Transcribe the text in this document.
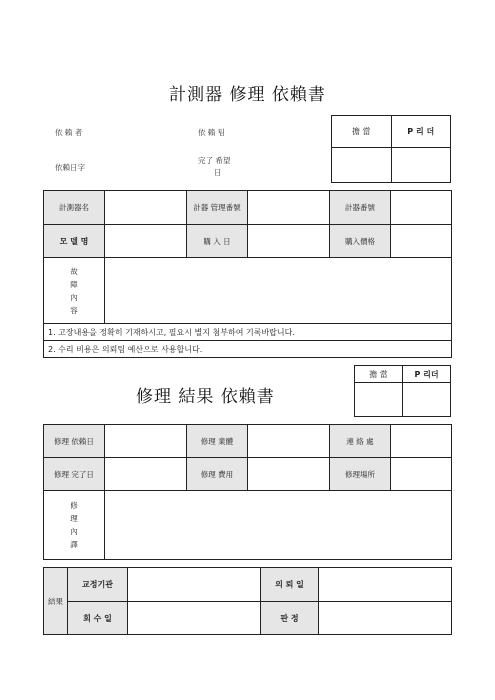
計測器 修理 依賴書
依 賴 者	依 賴 팀
依賴日字
完了 希望
日
擔 當	P 리 더

計測器名		計器 管理番號		計器番號	
모 델 명		購 入 日		購入價格	

故
障
內
容					

1. 고장내용을 정확히 기재하시고, 필요시 별지 첨부하여 기록바랍니다.					
2. 수리 비용은 의뢰팀 예산으로 사용합니다.					
修理 結果 依賴書
擔 當	P 리더

修理 依賴日		修理 業體		連 絡 處	
修理 完了日		修理 費用		修理場所	

修
理
內
譯					

結果	교정기관		의 뢰 일	
	회 수 일		판 정	
